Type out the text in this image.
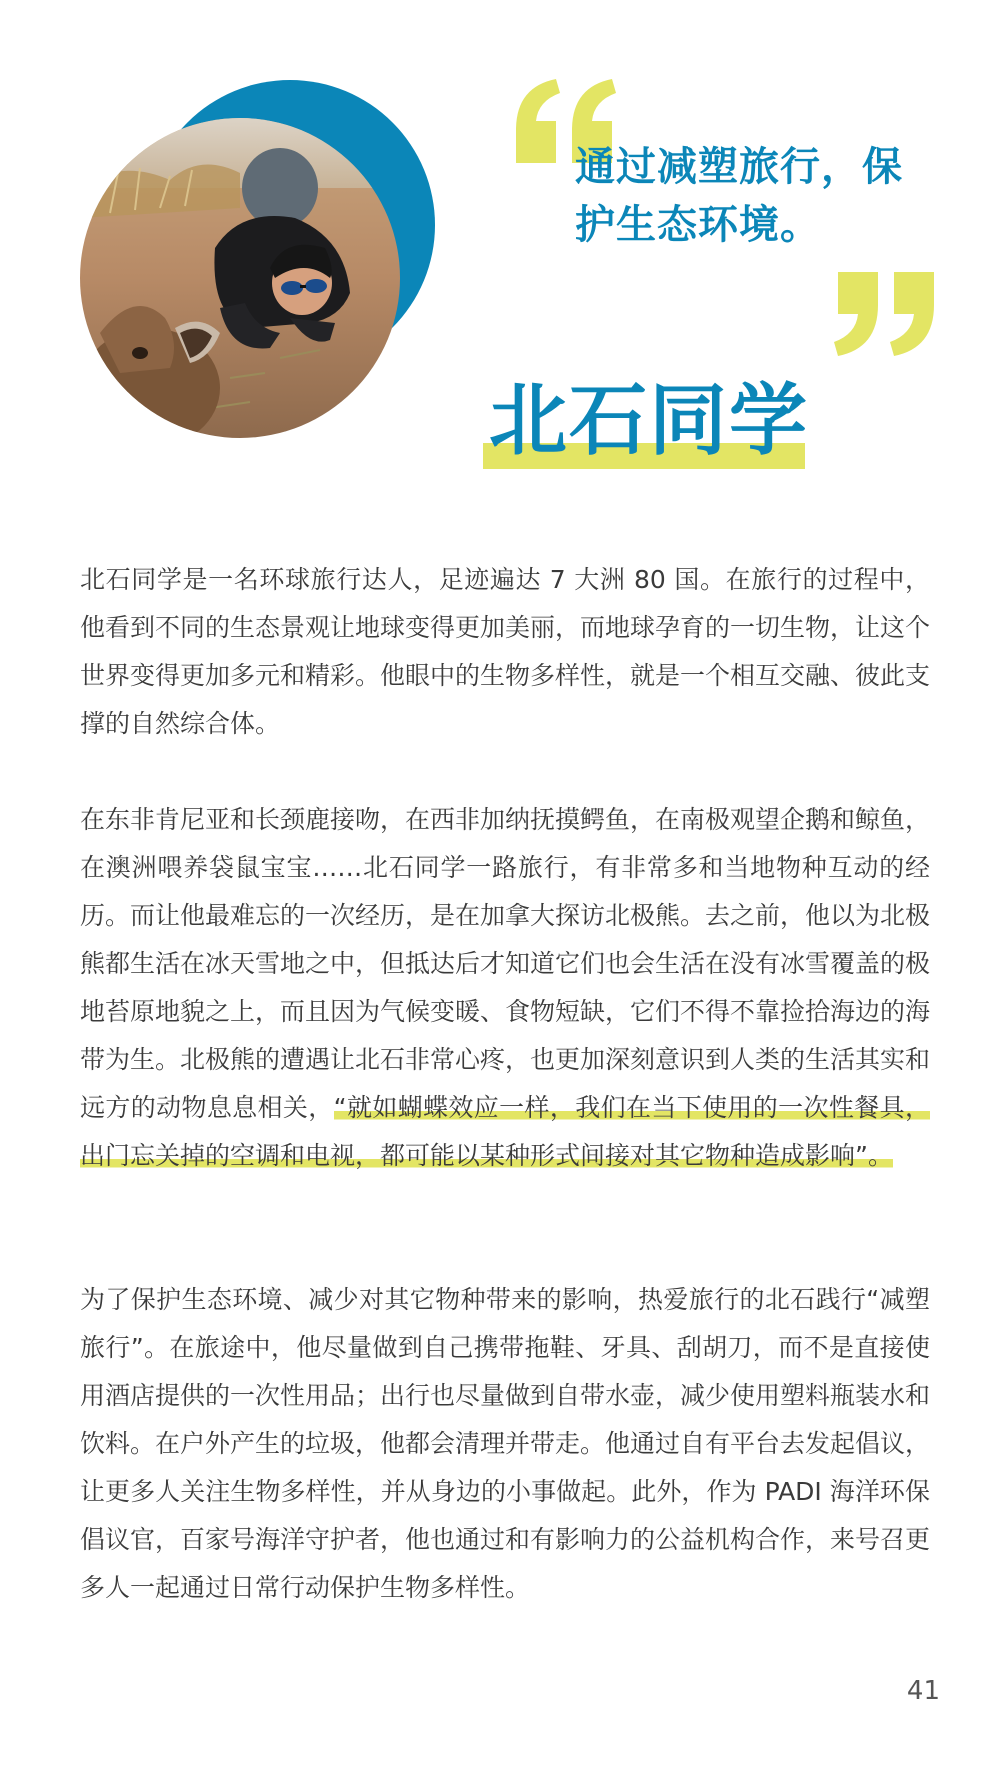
通过减塑旅行，保
护生态环境。
北石同学

北石同学是一名环球旅行达人，足迹遍达 7 大洲 80 国。在旅行的过程中，他看到不同的生态景观让地球变得更加美丽，而地球孕育的一切生物，让这个世界变得更加多元和精彩。他眼中的生物多样性，就是一个相互交融、彼此支撑的自然综合体。

在东非肯尼亚和长颈鹿接吻，在西非加纳抚摸鳄鱼，在南极观望企鹅和鲸鱼，在澳洲喂养袋鼠宝宝……北石同学一路旅行，有非常多和当地物种互动的经历。而让他最难忘的一次经历，是在加拿大探访北极熊。去之前，他以为北极熊都生活在冰天雪地之中，但抵达后才知道它们也会生活在没有冰雪覆盖的极地苔原地貌之上，而且因为气候变暖、食物短缺，它们不得不靠捡拾海边的海带为生。北极熊的遭遇让北石非常心疼，也更加深刻意识到人类的生活其实和远方的动物息息相关，“就如蝴蝶效应一样，我们在当下使用的一次性餐具，出门忘关掉的空调和电视，都可能以某种形式间接对其它物种造成影响”。

为了保护生态环境、减少对其它物种带来的影响，热爱旅行的北石践行“减塑旅行”。在旅途中，他尽量做到自己携带拖鞋、牙具、刮胡刀，而不是直接使用酒店提供的一次性用品；出行也尽量做到自带水壶，减少使用塑料瓶装水和饮料。在户外产生的垃圾，他都会清理并带走。他通过自有平台去发起倡议，让更多人关注生物多样性，并从身边的小事做起。此外，作为 PADI 海洋环保倡议官，百家号海洋守护者，他也通过和有影响力的公益机构合作，来号召更多人一起通过日常行动保护生物多样性。

41
